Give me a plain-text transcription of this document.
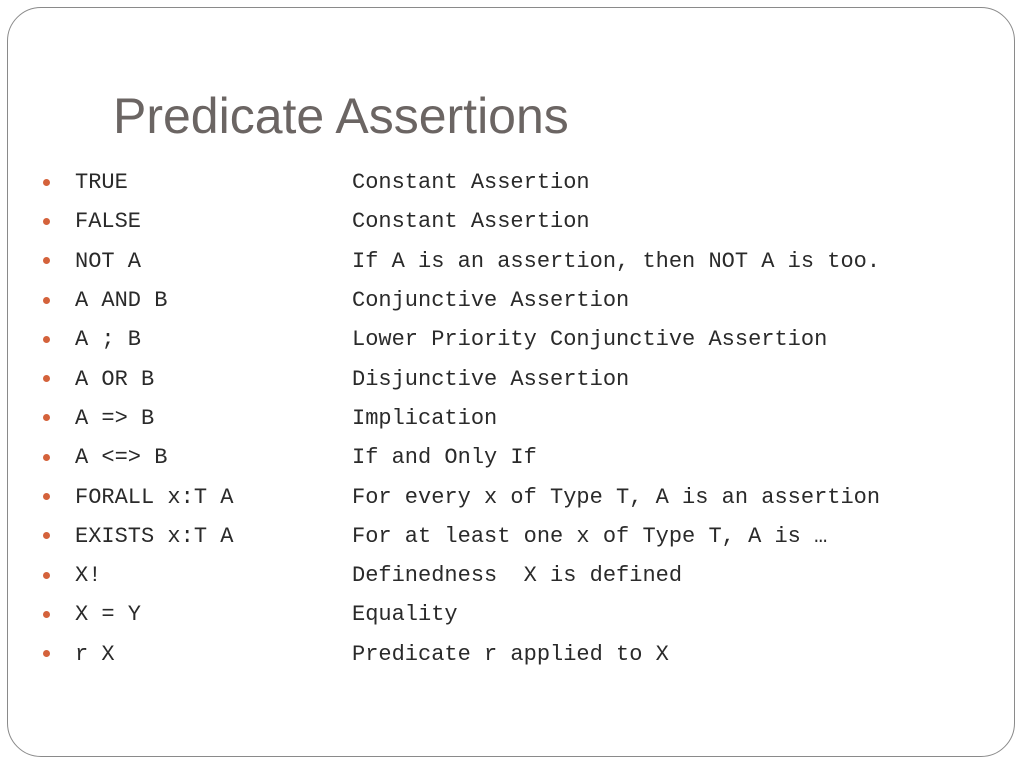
Predicate Assertions
TRUE	Constant Assertion
FALSE	Constant Assertion
NOT A	If A is an assertion, then NOT A is too.
A AND B	Conjunctive Assertion
A ; B	Lower Priority Conjunctive Assertion
A OR B	Disjunctive Assertion
A => B	Implication
A <=> B	If and Only If
FORALL x:T A	For every x of Type T, A is an assertion
EXISTS x:T A	For at least one x of Type T, A is …
X!	Definedness  X is defined
X = Y	Equality
r X	Predicate r applied to X
